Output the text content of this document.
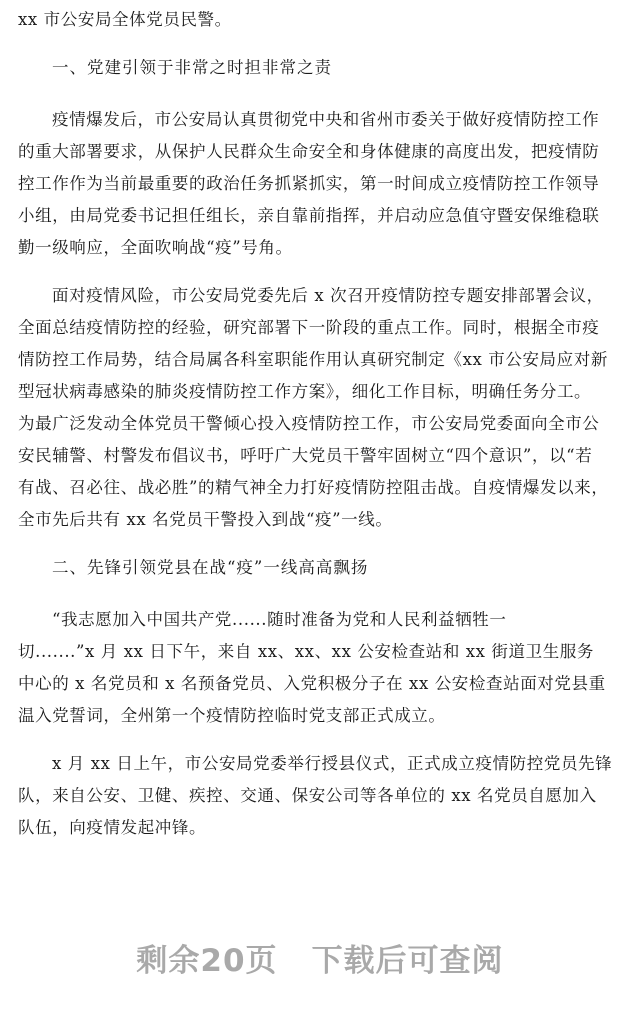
xx 市公安局全体党员民警。

一、党建引领于非常之时担非常之责

疫情爆发后，市公安局认真贯彻党中央和省州市委关于做好疫情防控工作

的重大部署要求，从保护人民群众生命安全和身体健康的高度出发，把疫情防

控工作作为当前最重要的政治任务抓紧抓实，第一时间成立疫情防控工作领导

小组，由局党委书记担任组长，亲自靠前指挥，并启动应急值守暨安保维稳联

勤一级响应，全面吹响战“疫”号角。

面对疫情风险，市公安局党委先后 x 次召开疫情防控专题安排部署会议，

全面总结疫情防控的经验，研究部署下一阶段的重点工作。同时，根据全市疫

情防控工作局势，结合局属各科室职能作用认真研究制定《xx 市公安局应对新

型冠状病毒感染的肺炎疫情防控工作方案》，细化工作目标，明确任务分工。

为最广泛发动全体党员干警倾心投入疫情防控工作，市公安局党委面向全市公

安民辅警、村警发布倡议书，呼吁广大党员干警牢固树立“四个意识”，以“若

有战、召必往、战必胜”的精气神全力打好疫情防控阻击战。自疫情爆发以来，

全市先后共有 xx 名党员干警投入到战“疫”一线。

二、先锋引领党县在战“疫”一线高高飘扬

“我志愿加入中国共产党......随时准备为党和人民利益牺牲一

切.......”x 月 xx 日下午，来自 xx、xx、xx 公安检查站和 xx 街道卫生服务

中心的 x 名党员和 x 名预备党员、入党积极分子在 xx 公安检查站面对党县重

温入党誓词，全州第一个疫情防控临时党支部正式成立。

x 月 xx 日上午，市公安局党委举行授县仪式，正式成立疫情防控党员先锋

队，来自公安、卫健、疾控、交通、保安公司等各单位的 xx 名党员自愿加入

队伍，向疫情发起冲锋。

剩余20页 下载后可查阅
